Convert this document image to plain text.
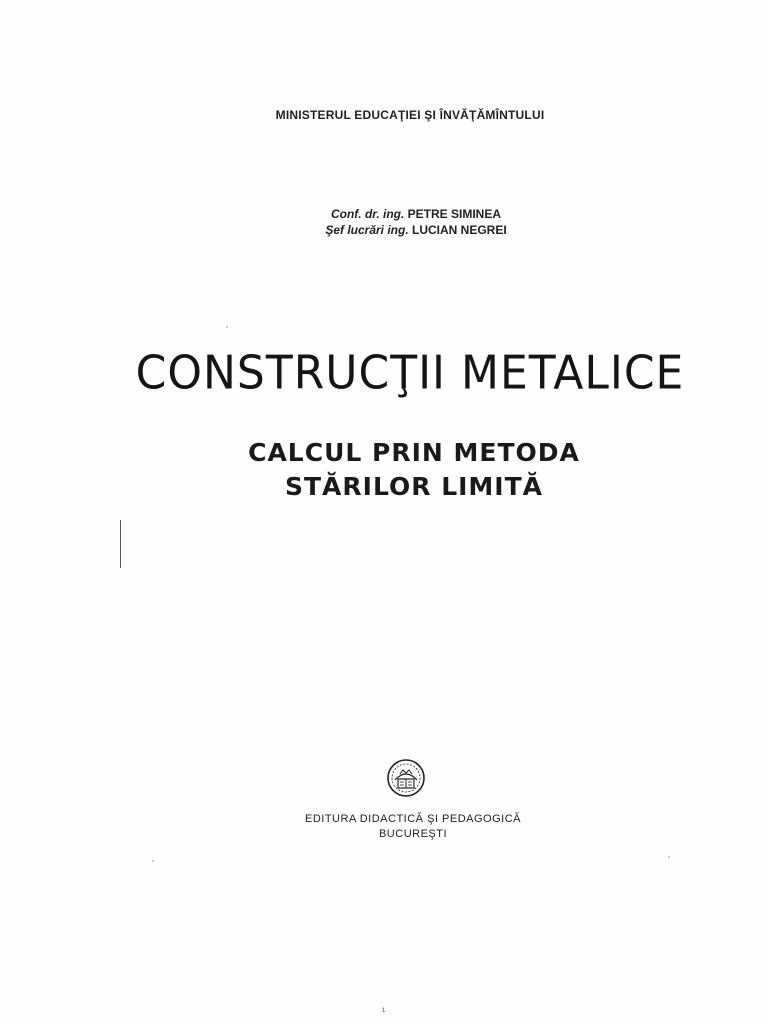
MINISTERUL EDUCAŢIEI ŞI ÎNVĂŢĂMÎNTULUI
Conf. dr. ing. PETRE SIMINEA
Şef lucrări ing. LUCIAN NEGREI
CONSTRUCŢII METALICE
CALCUL PRIN METODA
STĂRILOR LIMITĂ
EDITURA DIDACTICĂ ŞI PEDAGOGICĂ
BUCUREŞTI
1
